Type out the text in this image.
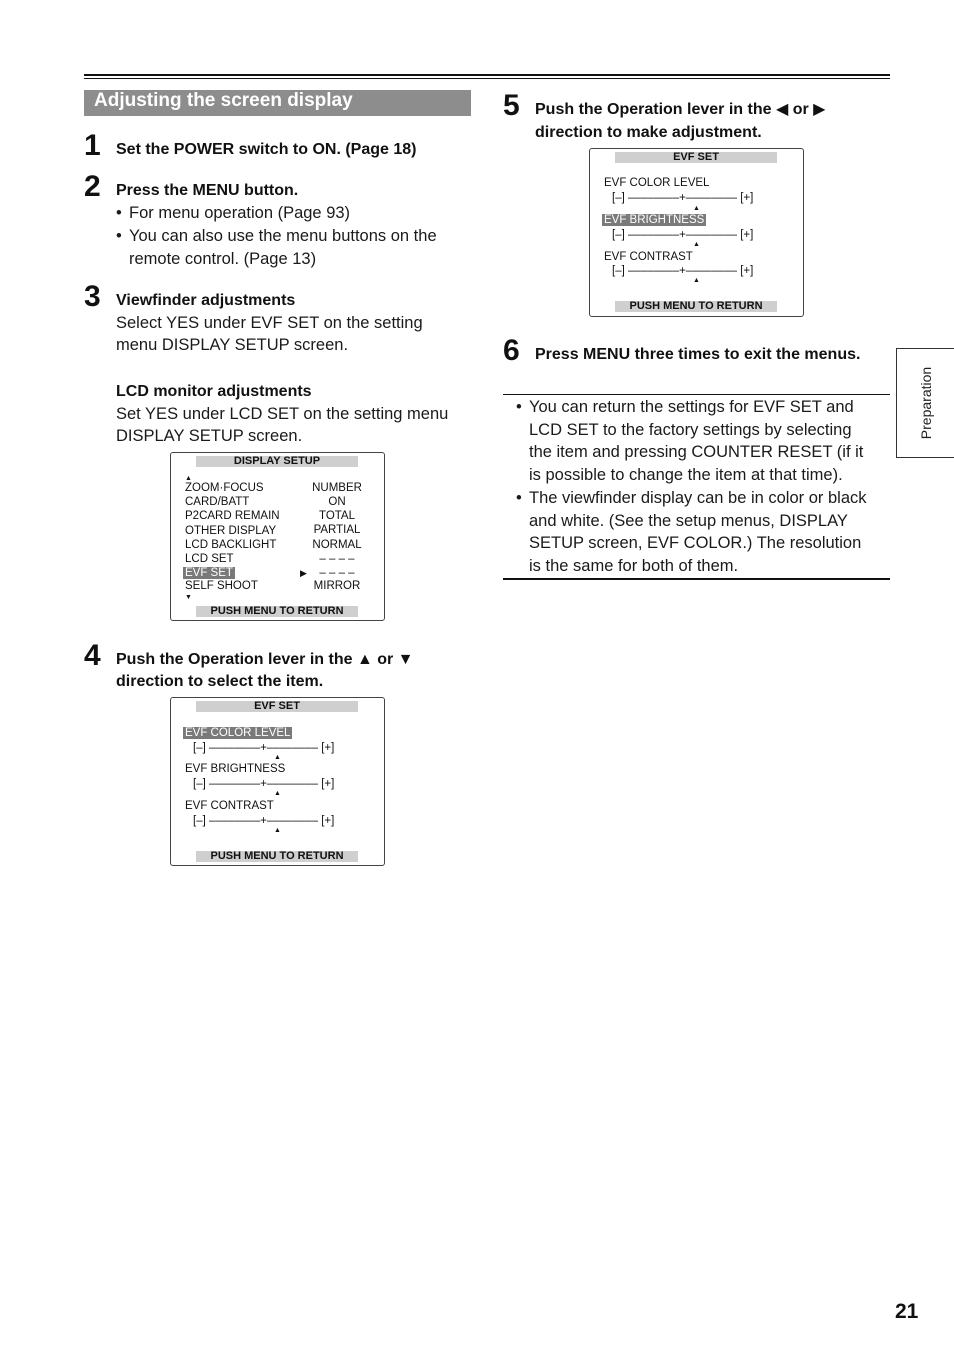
Adjusting the screen display
1 Set the POWER switch to ON. (Page 18)
2 Press the MENU button.
• For menu operation (Page 93)
• You can also use the menu buttons on the
remote control. (Page 13)
3 Viewfinder adjustments
Select YES under EVF SET on the setting
menu DISPLAY SETUP screen.
LCD monitor adjustments
Set YES under LCD SET on the setting menu
DISPLAY SETUP screen.
DISPLAY SETUP
▲
ZOOM·FOCUS	NUMBER
CARD/BATT	ON
P2CARD REMAIN	TOTAL
OTHER DISPLAY	PARTIAL
LCD BACKLIGHT	NORMAL
LCD SET	– – – –
EVF SET	▶	– – – –
SELF SHOOT	MIRROR
▼
PUSH MENU TO RETURN
4 Push the Operation lever in the ▲ or ▼
direction to select the item.
EVF SET
EVF COLOR LEVEL
[–] ––––––––+–––––––– [+]
▲
EVF BRIGHTNESS
[–] ––––––––+–––––––– [+]
▲
EVF CONTRAST
[–] ––––––––+–––––––– [+]
▲
PUSH MENU TO RETURN
5 Push the Operation lever in the ◀ or ▶
direction to make adjustment.
EVF SET
EVF COLOR LEVEL
[–] ––––––––+–––––––– [+]
▲
EVF BRIGHTNESS
[–] ––––––––+–––––––– [+]
▲
EVF CONTRAST
[–] ––––––––+–––––––– [+]
▲
PUSH MENU TO RETURN
6 Press MENU three times to exit the menus.
• You can return the settings for EVF SET and
LCD SET to the factory settings by selecting
the item and pressing COUNTER RESET (if it
is possible to change the item at that time).
• The viewfinder display can be in color or black
and white. (See the setup menus, DISPLAY
SETUP screen, EVF COLOR.) The resolution
is the same for both of them.
Preparation
21
